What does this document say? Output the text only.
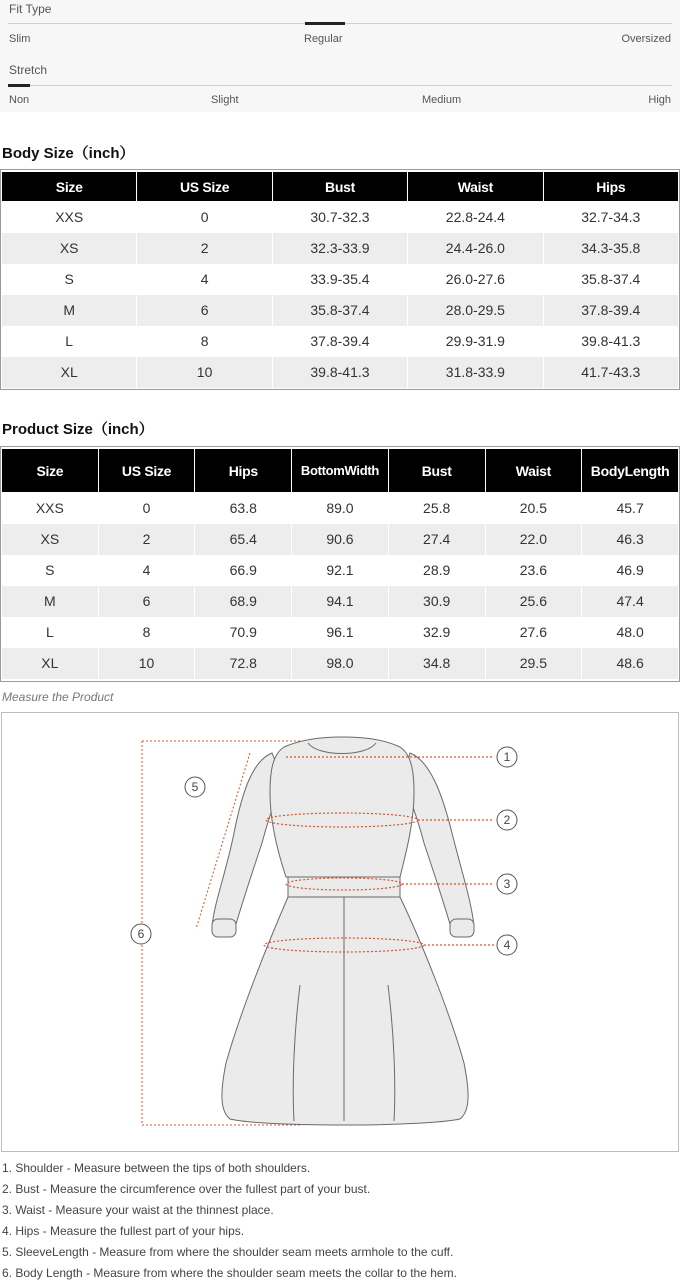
Fit Type
Slim	Regular	Oversized
Stretch
Non	Slight	Medium	High
Body Size（inch）
Size	US Size	Bust	Waist	Hips
XXS	0	30.7-32.3	22.8-24.4	32.7-34.3
XS	2	32.3-33.9	24.4-26.0	34.3-35.8
S	4	33.9-35.4	26.0-27.6	35.8-37.4
M	6	35.8-37.4	28.0-29.5	37.8-39.4
L	8	37.8-39.4	29.9-31.9	39.8-41.3
XL	10	39.8-41.3	31.8-33.9	41.7-43.3
Product Size（inch）
Size	US Size	Hips	BottomWidth	Bust	Waist	BodyLength
XXS	0	63.8	89.0	25.8	20.5	45.7
XS	2	65.4	90.6	27.4	22.0	46.3
S	4	66.9	92.1	28.9	23.6	46.9
M	6	68.9	94.1	30.9	25.6	47.4
L	8	70.9	96.1	32.9	27.6	48.0
XL	10	72.8	98.0	34.8	29.5	48.6
Measure the Product
1
2
3
4
5
6
1. Shoulder - Measure between the tips of both shoulders.
2. Bust - Measure the circumference over the fullest part of your bust.
3. Waist - Measure your waist at the thinnest place.
4. Hips - Measure the fullest part of your hips.
5. SleeveLength - Measure from where the shoulder seam meets armhole to the cuff.
6. Body Length - Measure from where the shoulder seam meets the collar to the hem.
